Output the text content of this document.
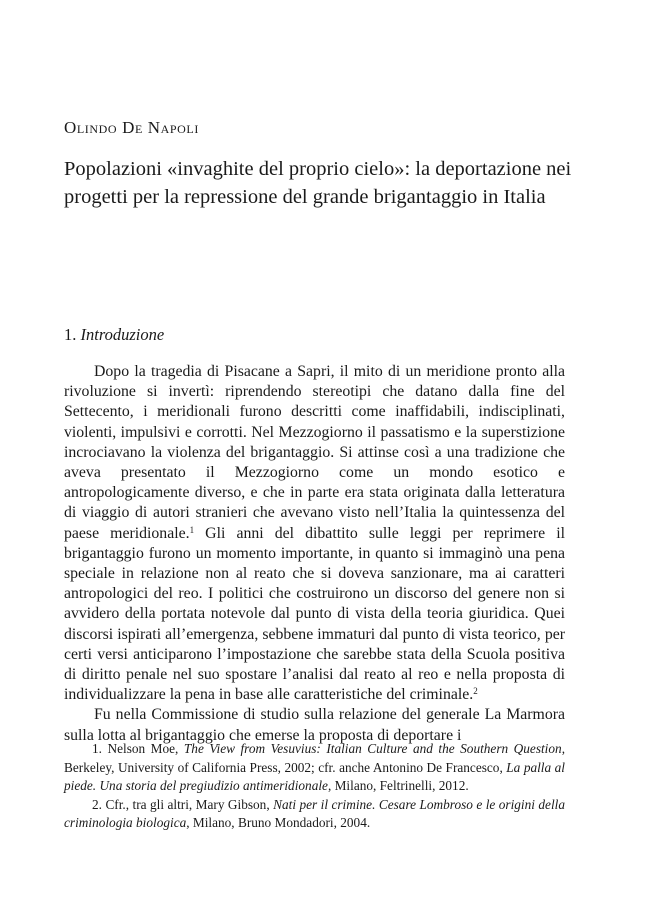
Olindo De Napoli
Popolazioni «invaghite del proprio cielo»: la deportazione nei progetti per la repressione del grande brigantaggio in Italia
1. Introduzione

Dopo la tragedia di Pisacane a Sapri, il mito di un meridione pronto alla rivoluzione si invertì: riprendendo stereotipi che datano dalla fine del Settecento, i meridionali furono descritti come inaffidabili, indisciplinati, violenti, impulsivi e corrotti. Nel Mezzogiorno il passatismo e la superstizione incrociavano la violenza del brigantaggio. Si attinse così a una tradizione che aveva presentato il Mezzogiorno come un mondo esotico e antropologicamente diverso, e che in parte era stata originata dalla letteratura di viaggio di autori stranieri che avevano visto nell’Italia la quintessenza del paese meridionale.$^1$ Gli anni del dibattito sulle leggi per reprimere il brigantaggio furono un momento importante, in quanto si immaginò una pena speciale in relazione non al reato che si doveva sanzionare, ma ai caratteri antropologici del reo. I politici che costruirono un discorso del genere non si avvidero della portata notevole dal punto di vista della teoria giuridica. Quei discorsi ispirati all’emergenza, sebbene immaturi dal punto di vista teorico, per certi versi anticiparono l’impostazione che sarebbe stata della Scuola positiva di diritto penale nel suo spostare l’analisi dal reato al reo e nella proposta di individualizzare la pena in base alle caratteristiche del criminale.$^2$

Fu nella Commissione di studio sulla relazione del generale La Marmora sulla lotta al brigantaggio che emerse la proposta di deportare i

1. Nelson Moe, The View from Vesuvius: Italian Culture and the Southern Question, Berkeley, University of California Press, 2002; cfr. anche Antonino De Francesco, La palla al piede. Una storia del pregiudizio antimeridionale, Milano, Feltrinelli, 2012.

2. Cfr., tra gli altri, Mary Gibson, Nati per il crimine. Cesare Lombroso e le origini della criminologia biologica, Milano, Bruno Mondadori, 2004.
